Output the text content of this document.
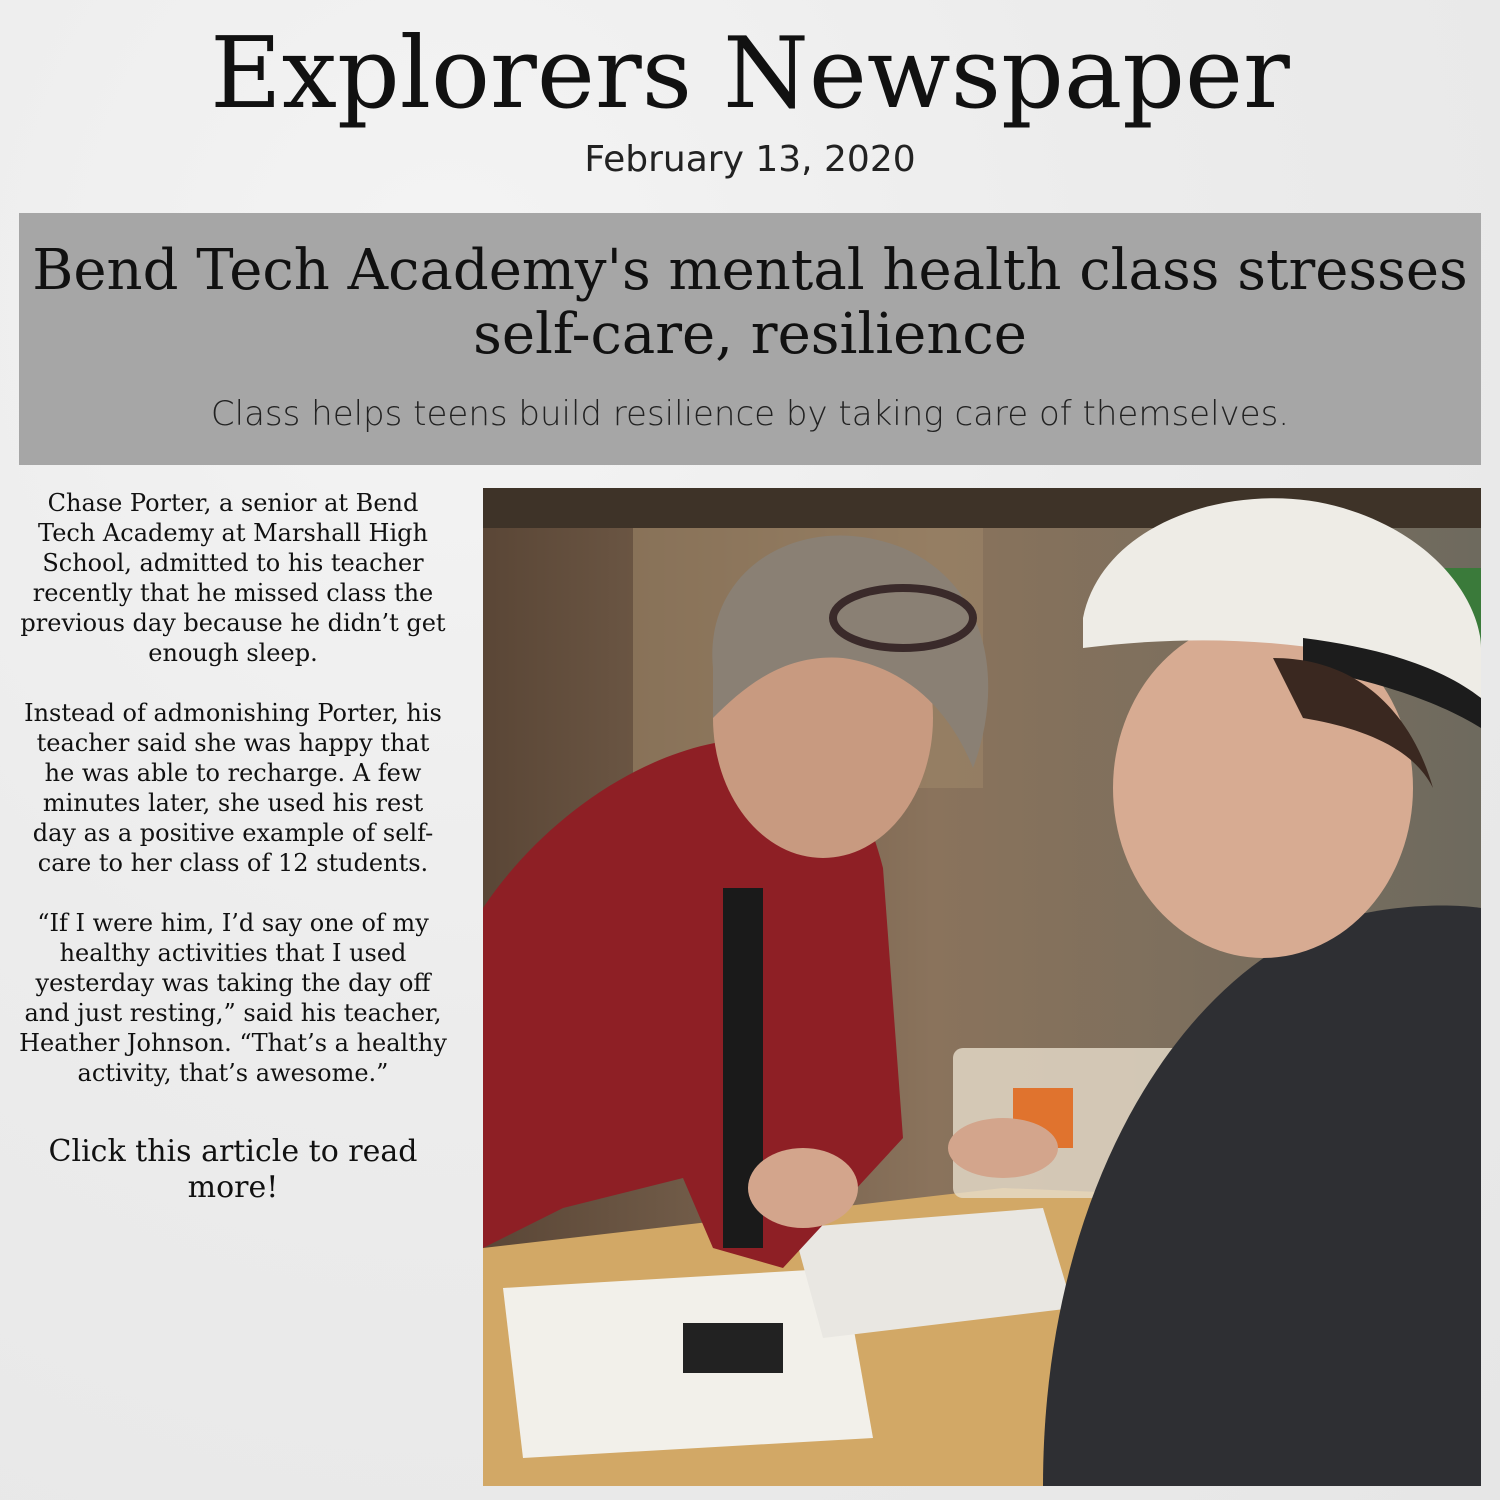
Explorers Newspaper
February 13, 2020
Bend Tech Academy's mental health class stresses
self-care, resilience
Class helps teens build resilience by taking care of themselves.

Chase Porter, a senior at Bend Tech Academy at Marshall High School, admitted to his teacher recently that he missed class the previous day because he didn’t get enough sleep.

Instead of admonishing Porter, his teacher said she was happy that he was able to recharge. A few minutes later, she used his rest day as a positive example of self-care to her class of 12 students.

“If I were him, I’d say one of my healthy activities that I used yesterday was taking the day off and just resting,” said his teacher, Heather Johnson. “That’s a healthy activity, that’s awesome.”

Click this article to read more!
